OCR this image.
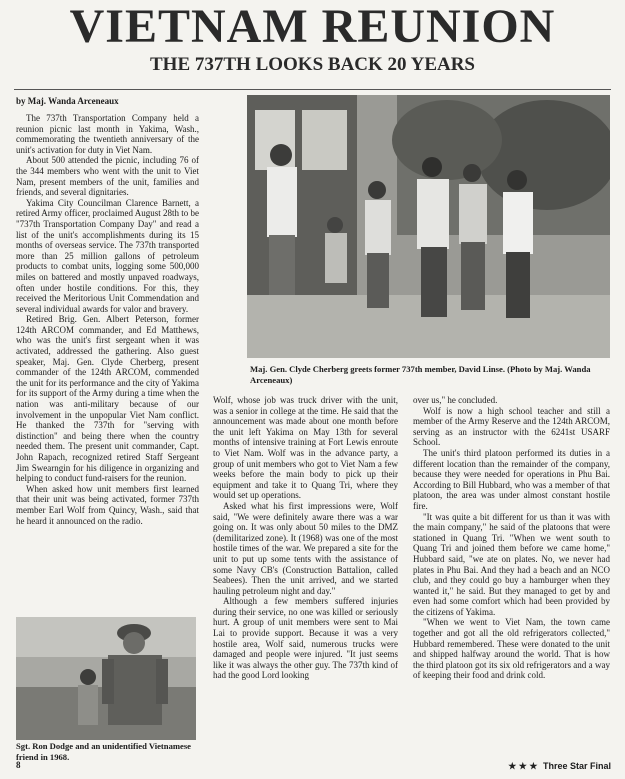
VIETNAM REUNION
THE 737TH LOOKS BACK 20 YEARS
by Maj. Wanda Arceneaux

The 737th Transportation Company held a reunion picnic last month in Yakima, Wash., commemorating the twentieth anniversary of the unit's activation for duty in Viet Nam.

About 500 attended the picnic, including 76 of the 344 members who went with the unit to Viet Nam, present members of the unit, families and friends, and several dignitaries.

Yakima City Councilman Clarence Barnett, a retired Army officer, proclaimed August 28th to be "737th Transportation Company Day" and read a list of the unit's accomplishments during its 15 months of overseas service. The 737th transported more than 25 million gallons of petroleum products to combat units, logging some 500,000 miles on battered and mostly unpaved roadways, often under hostile conditions. For this, they received the Meritorious Unit Commendation and several individual awards for valor and bravery.

Retired Brig. Gen. Albert Peterson, former 124th ARCOM commander, and Ed Matthews, who was the unit's first sergeant when it was activated, addressed the gathering. Also guest speaker, Maj. Gen. Clyde Cherberg, present commander of the 124th ARCOM, commended the unit for its performance and the city of Yakima for its support of the Army during a time when the nation was anti-military because of our involvement in the unpopular Viet Nam conflict. He thanked the 737th for "serving with distinction" and being there when the country needed them. The present unit commander, Capt. John Rapach, recognized retired Staff Sergeant Jim Swearngin for his diligence in organizing and helping to conduct fund-raisers for the reunion.

When asked how unit members first learned that their unit was being activated, former 737th member Earl Wolf from Quincy, Wash., said that he heard it announced on the radio.

Maj. Gen. Clyde Cherberg greets former 737th member, David Linse. (Photo by Maj. Wanda Arceneaux)

Wolf, whose job was truck driver with the unit, was a senior in college at the time. He said that the announcement was made about one month before the unit left Yakima on May 13th for several months of intensive training at Fort Lewis enroute to Viet Nam. Wolf was in the advance party, a group of unit members who got to Viet Nam a few weeks before the main body to pick up their equipment and take it to Quang Tri, where they would set up operations.

Asked what his first impressions were, Wolf said, "We were definitely aware there was a war going on. It was only about 50 miles to the DMZ (demilitarized zone). It (1968) was one of the most hostile times of the war. We prepared a site for the unit to put up some tents with the assistance of some Navy CB's (Construction Battalion, called Seabees). Then the unit arrived, and we started hauling petroleum night and day."

Although a few members suffered injuries during their service, no one was killed or seriously hurt. A group of unit members were sent to Mai Lai to provide support. Because it was a very hostile area, Wolf said, numerous trucks were damaged and people were injured. "It just seems like it was always the other guy. The 737th kind of had the good Lord looking

over us," he concluded.

Wolf is now a high school teacher and still a member of the Army Reserve and the 124th ARCOM, serving as an instructor with the 6241st USARF School.

The unit's third platoon performed its duties in a different location than the remainder of the company, because they were needed for operations in Phu Bai. According to Bill Hubbard, who was a member of that platoon, the area was under almost constant hostile fire.

"It was quite a bit different for us than it was with the main company," he said of the platoons that were stationed in Quang Tri. "When we went south to Quang Tri and joined them before we came home," Hubbard said, "we ate on plates. No, we never had plates in Phu Bai. And they had a beach and an NCO club, and they could go buy a hamburger when they wanted it," he said. But they managed to get by and even had some comfort which had been provided by the citizens of Yakima.

"When we went to Viet Nam, the town came together and got all the old refrigerators collected," Hubbard remembered. These were donated to the unit and shipped halfway around the world. That is how the third platoon got its six old refrigerators and a way of keeping their food and drink cold.

Sgt. Ron Dodge and an unidentified Vietnamese friend in 1968.
8	★ ★ ★ Three Star Final
